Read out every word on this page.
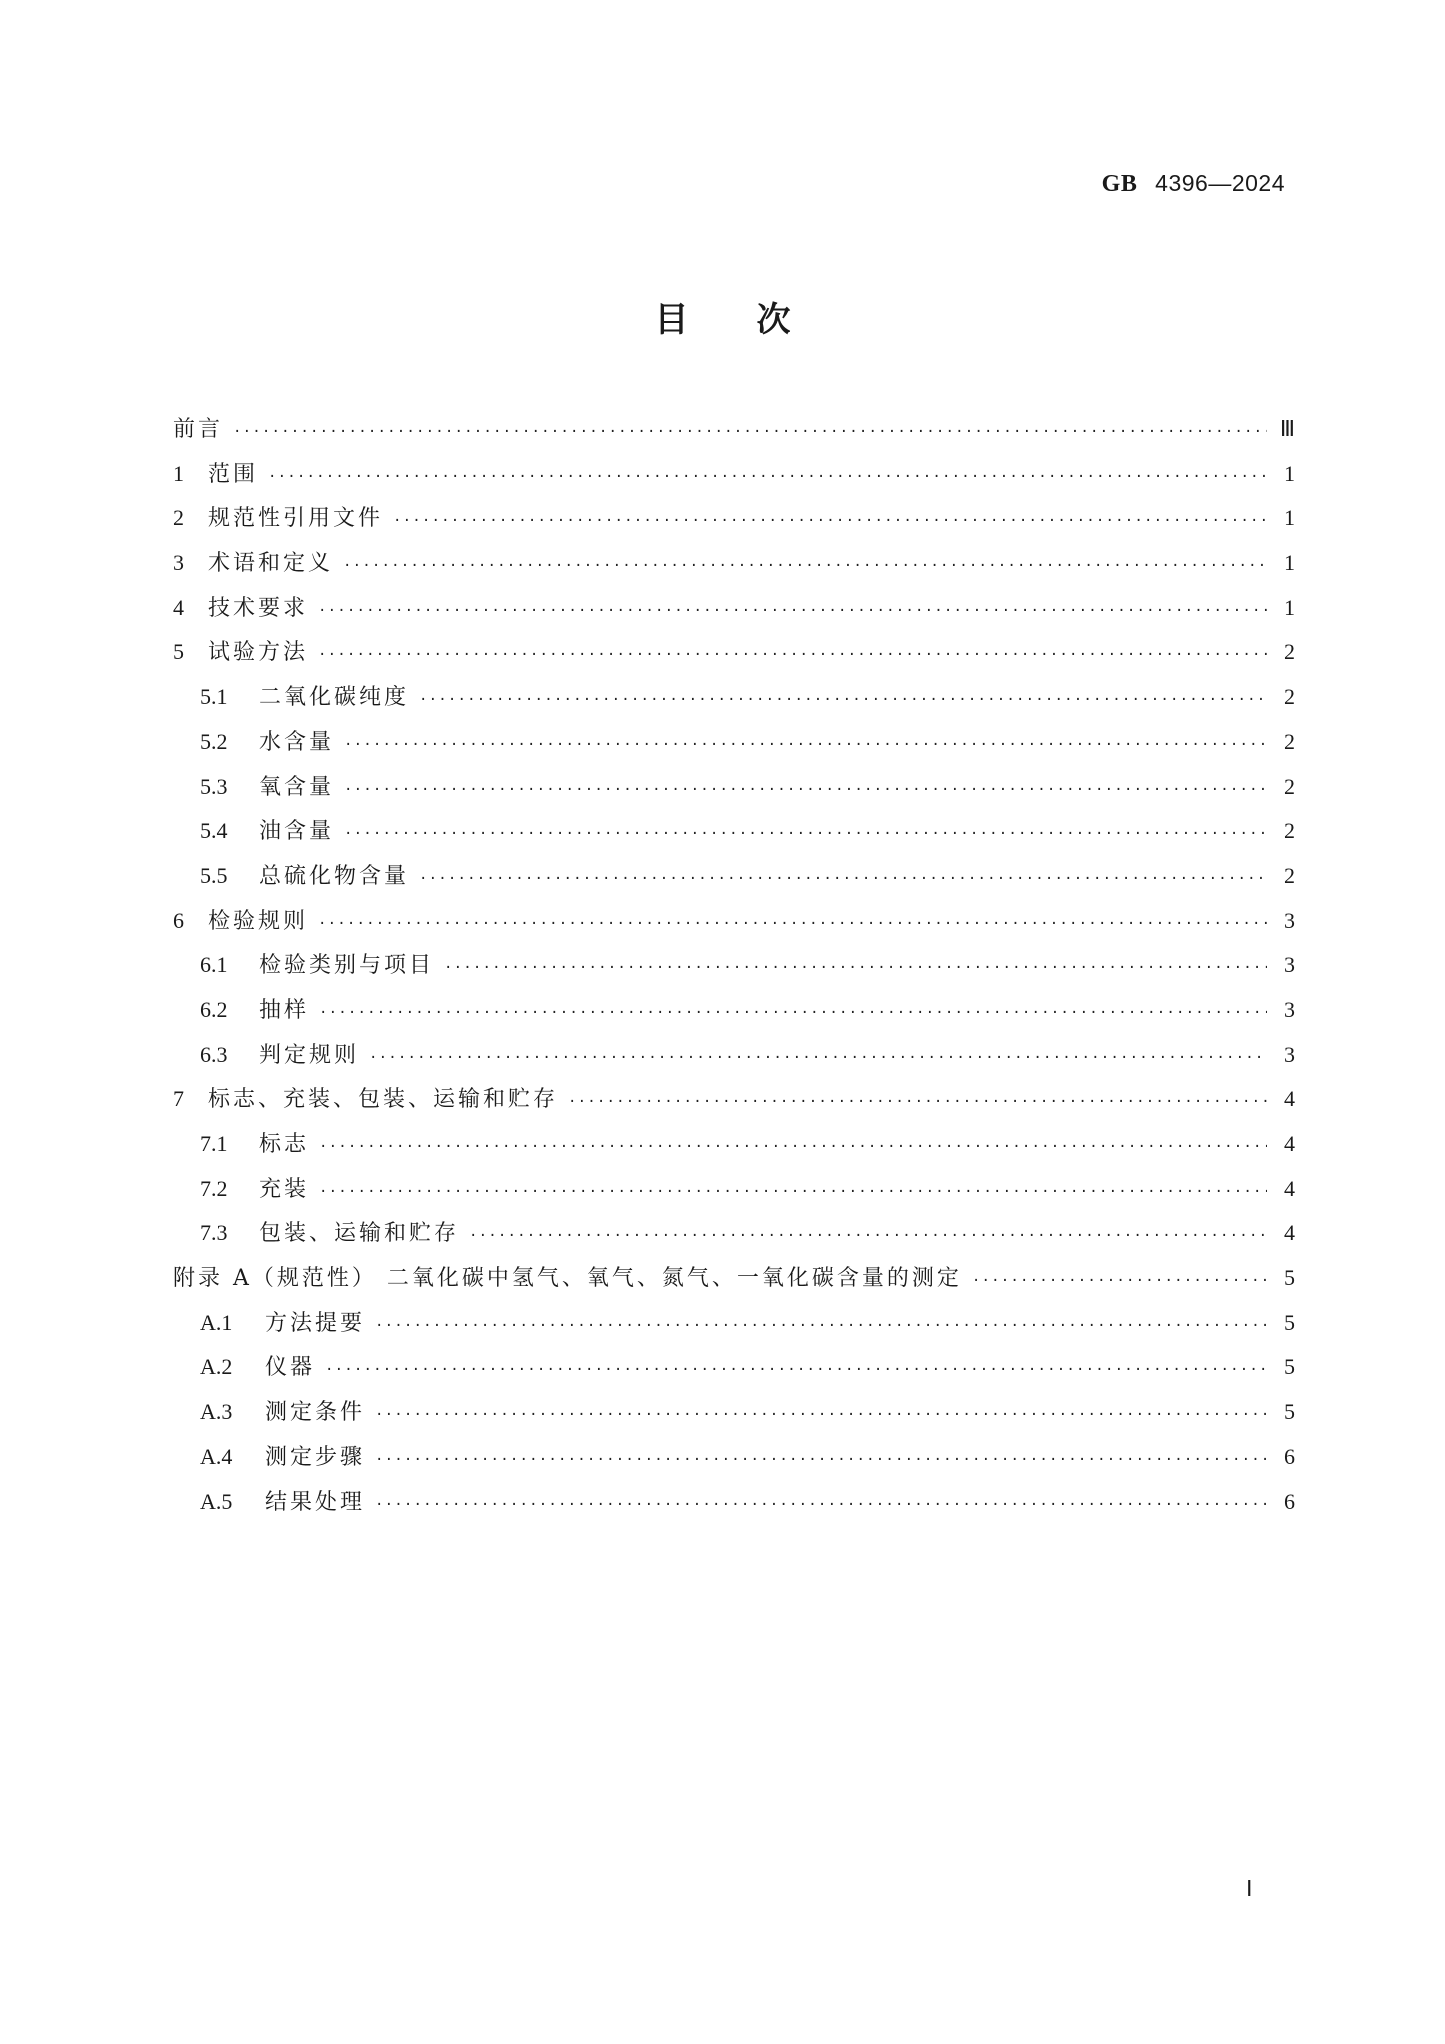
GB 4396—2024
目次
前言 ·····	Ⅲ
1	范围 ·····	1
2	规范性引用文件 ·····	1
3	术语和定义 ·····	1
4	技术要求 ·····	1
5	试验方法 ·····	2
5.1	二氧化碳纯度 ·····	2
5.2	水含量 ·····	2
5.3	氧含量 ·····	2
5.4	油含量 ·····	2
5.5	总硫化物含量 ·····	2
6	检验规则 ·····	3
6.1	检验类别与项目 ·····	3
6.2	抽样 ·····	3
6.3	判定规则 ·····	3
7	标志、充装、包装、运输和贮存 ·····	4
7.1	标志 ·····	4
7.2	充装 ·····	4
7.3	包装、运输和贮存 ·····	4
附录 A（规范性） 二氧化碳中氢气、氧气、氮气、一氧化碳含量的测定 ·····	5
A.1	方法提要 ·····	5
A.2	仪器 ·····	5
A.3	测定条件 ·····	5
A.4	测定步骤 ·····	6
A.5	结果处理 ·····	6
Ⅰ
